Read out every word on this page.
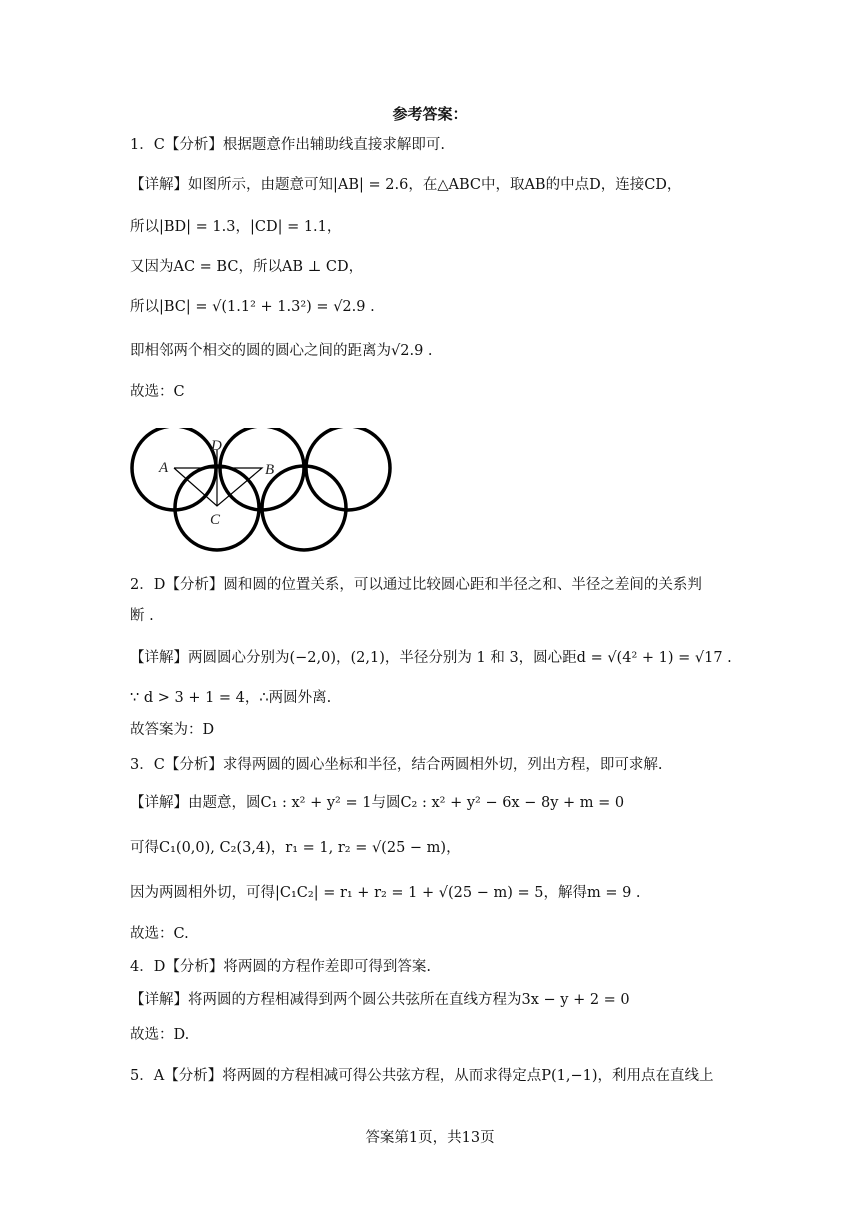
参考答案：
1．C【分析】根据题意作出辅助线直接求解即可.
【详解】如图所示，由题意可知|AB| = 2.6，在△ABC中，取AB的中点D，连接CD，
所以|BD| = 1.3，|CD| = 1.1，
又因为AC = BC，所以AB ⊥ CD，
所以|BC| = √(1.1² + 1.3²) = √2.9 .
即相邻两个相交的圆的圆心之间的距离为√2.9 .
故选：C
A	B
C
D
2．D【分析】圆和圆的位置关系，可以通过比较圆心距和半径之和、半径之差间的关系判
断 .
【详解】两圆圆心分别为(−2,0)，(2,1)，半径分别为 1 和 3，圆心距d = √(4² + 1) = √17 .
∵ d > 3 + 1 = 4，∴两圆外离.
故答案为：D
3．C【分析】求得两圆的圆心坐标和半径，结合两圆相外切，列出方程，即可求解.
【详解】由题意，圆C₁ : x² + y² = 1与圆C₂ : x² + y² − 6x − 8y + m = 0
可得C₁(0,0), C₂(3,4)，r₁ = 1, r₂ = √(25 − m)，
因为两圆相外切，可得|C₁C₂| = r₁ + r₂ = 1 + √(25 − m) = 5，解得m = 9 .
故选：C.
4．D【分析】将两圆的方程作差即可得到答案.
【详解】将两圆的方程相减得到两个圆公共弦所在直线方程为3x − y + 2 = 0
故选：D.
5．A【分析】将两圆的方程相减可得公共弦方程，从而求得定点P(1,−1)，利用点在直线上
答案第1页，共13页
